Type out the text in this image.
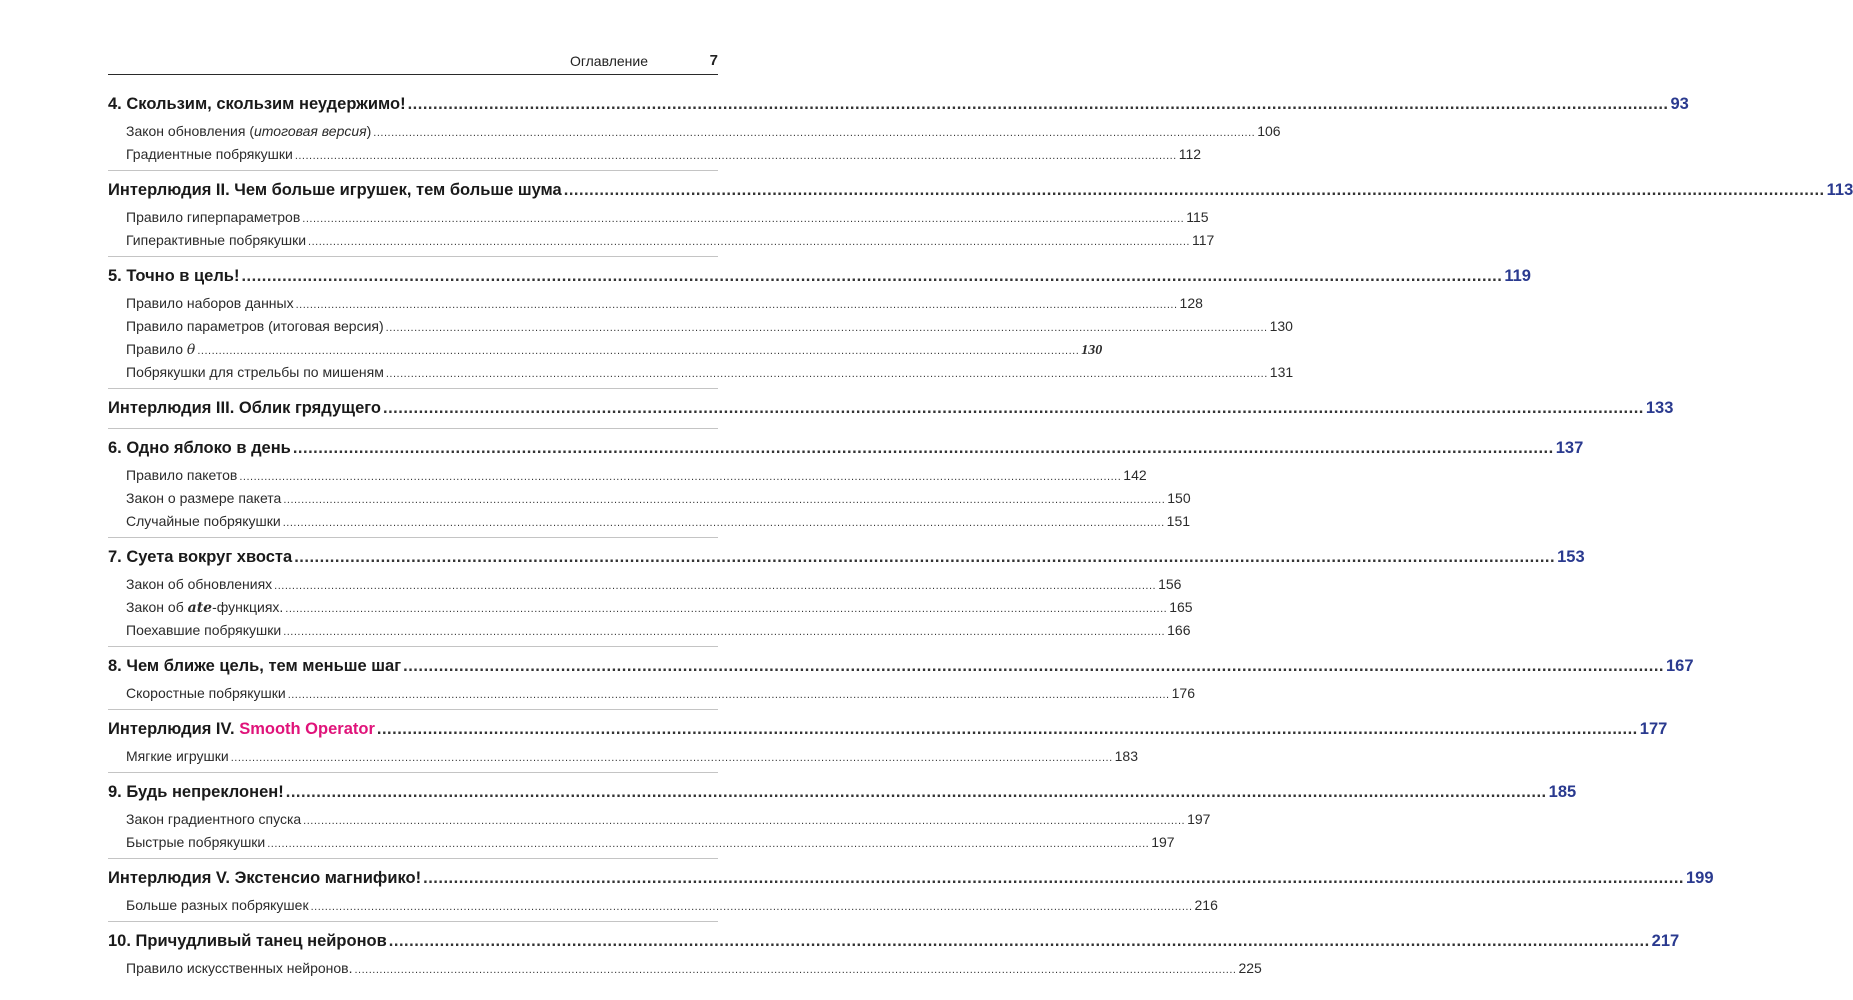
Оглавление	7
4. Скользим, скользим неудержимо! .....	93
Закон обновления (итоговая версия) .....	106
Градиентные побрякушки .....	112
Интерлюдия II. Чем больше игрушек, тем больше шума .....	113
Правило гиперпараметров .....	115
Гиперактивные побрякушки .....	117
5. Точно в цель! .....	119
Правило наборов данных .....	128
Правило параметров (итоговая версия) .....	130
Правило θ .....	130
Побрякушки для стрельбы по мишеням .....	131
Интерлюдия III. Облик грядущего .....	133
6. Одно яблоко в день .....	137
Правило пакетов .....	142
Закон о размере пакета .....	150
Случайные побрякушки .....	151
7. Суета вокруг хвоста .....	153
Закон об обновлениях .....	156
Закон об ate-функциях. .....	165
Поехавшие побрякушки .....	166
8. Чем ближе цель, тем меньше шаг .....	167
Скоростные побрякушки .....	176
Интерлюдия IV. Smooth Operator .....	177
Мягкие игрушки .....	183
9. Будь непреклонен! .....	185
Закон градиентного спуска .....	197
Быстрые побрякушки .....	197
Интерлюдия V. Экстенсио магнифико! .....	199
Больше разных побрякушек .....	216
10. Причудливый танец нейронов .....	217
Правило искусственных нейронов. .....	225
